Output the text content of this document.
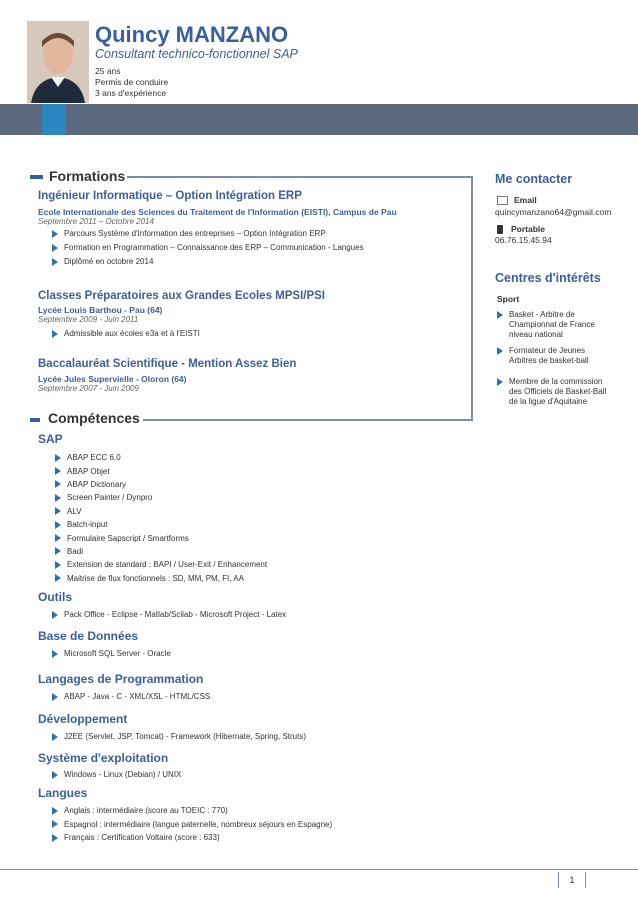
Quincy MANZANO
Consultant technico-fonctionnel SAP
25 ans
Permis de conduire
3 ans d'expérience
Formations
Ingénieur Informatique – Option Intégration ERP
Ecole Internationale des Sciences du Traitement de l'Information (EISTI), Campus de Pau
Septembre 2011 – Octobre 2014
Parcours Système d'Information des entreprises – Option Intégration ERP
Formation en Programmation – Connaissance des ERP – Communication - Langues
Diplômé en octobre 2014
Classes Préparatoires aux Grandes Ecoles MPSI/PSI
Lycée Louis Barthou - Pau (64)
Septembre 2009 - Juin 2011
Admissible aux écoles e3a et à l'EISTI
Baccalauréat Scientifique - Mention Assez Bien
Lycée Jules Supervielle - Oloron (64)
Septembre 2007 - Juin 2009
Compétences
SAP
ABAP ECC 6.0
ABAP Objet
ABAP Dictionary
Screen Painter / Dynpro
ALV
Batch-input
Formulaire Sapscript / Smartforms
Badi
Extension de standard : BAPI / User-Exit / Enhancement
Maitrise de flux fonctionnels : SD, MM, PM, FI, AA
Outils
Pack Office - Eclipse - Matlab/Scilab - Microsoft Project - Latex
Base de Données
Microsoft SQL Server - Oracle
Langages de Programmation
ABAP - Java - C - XML/XSL - HTML/CSS
Développement
J2EE (Servlet, JSP, Tomcat) - Framework (Hibernate, Spring, Struts)
Système d'exploitation
Windows - Linux (Debian) / UNIX
Langues
Anglais : intermédiaire (score au TOEIC : 770)
Espagnol : intermédiaire (langue paternelle, nombreux séjours en Espagne)
Français : Certification Voltaire (score : 633)
Me contacter
Email
quincymanzano64@gmail.com
Portable
06.76.15.45.94
Centres d'intérêts
Sport
Basket - Arbitre de
Championnat de France
niveau national
Formateur de Jeunes
Arbitres de basket-ball
Membre de la commission
des Officiels de Basket-Ball
de la ligue d'Aquitaine
1
